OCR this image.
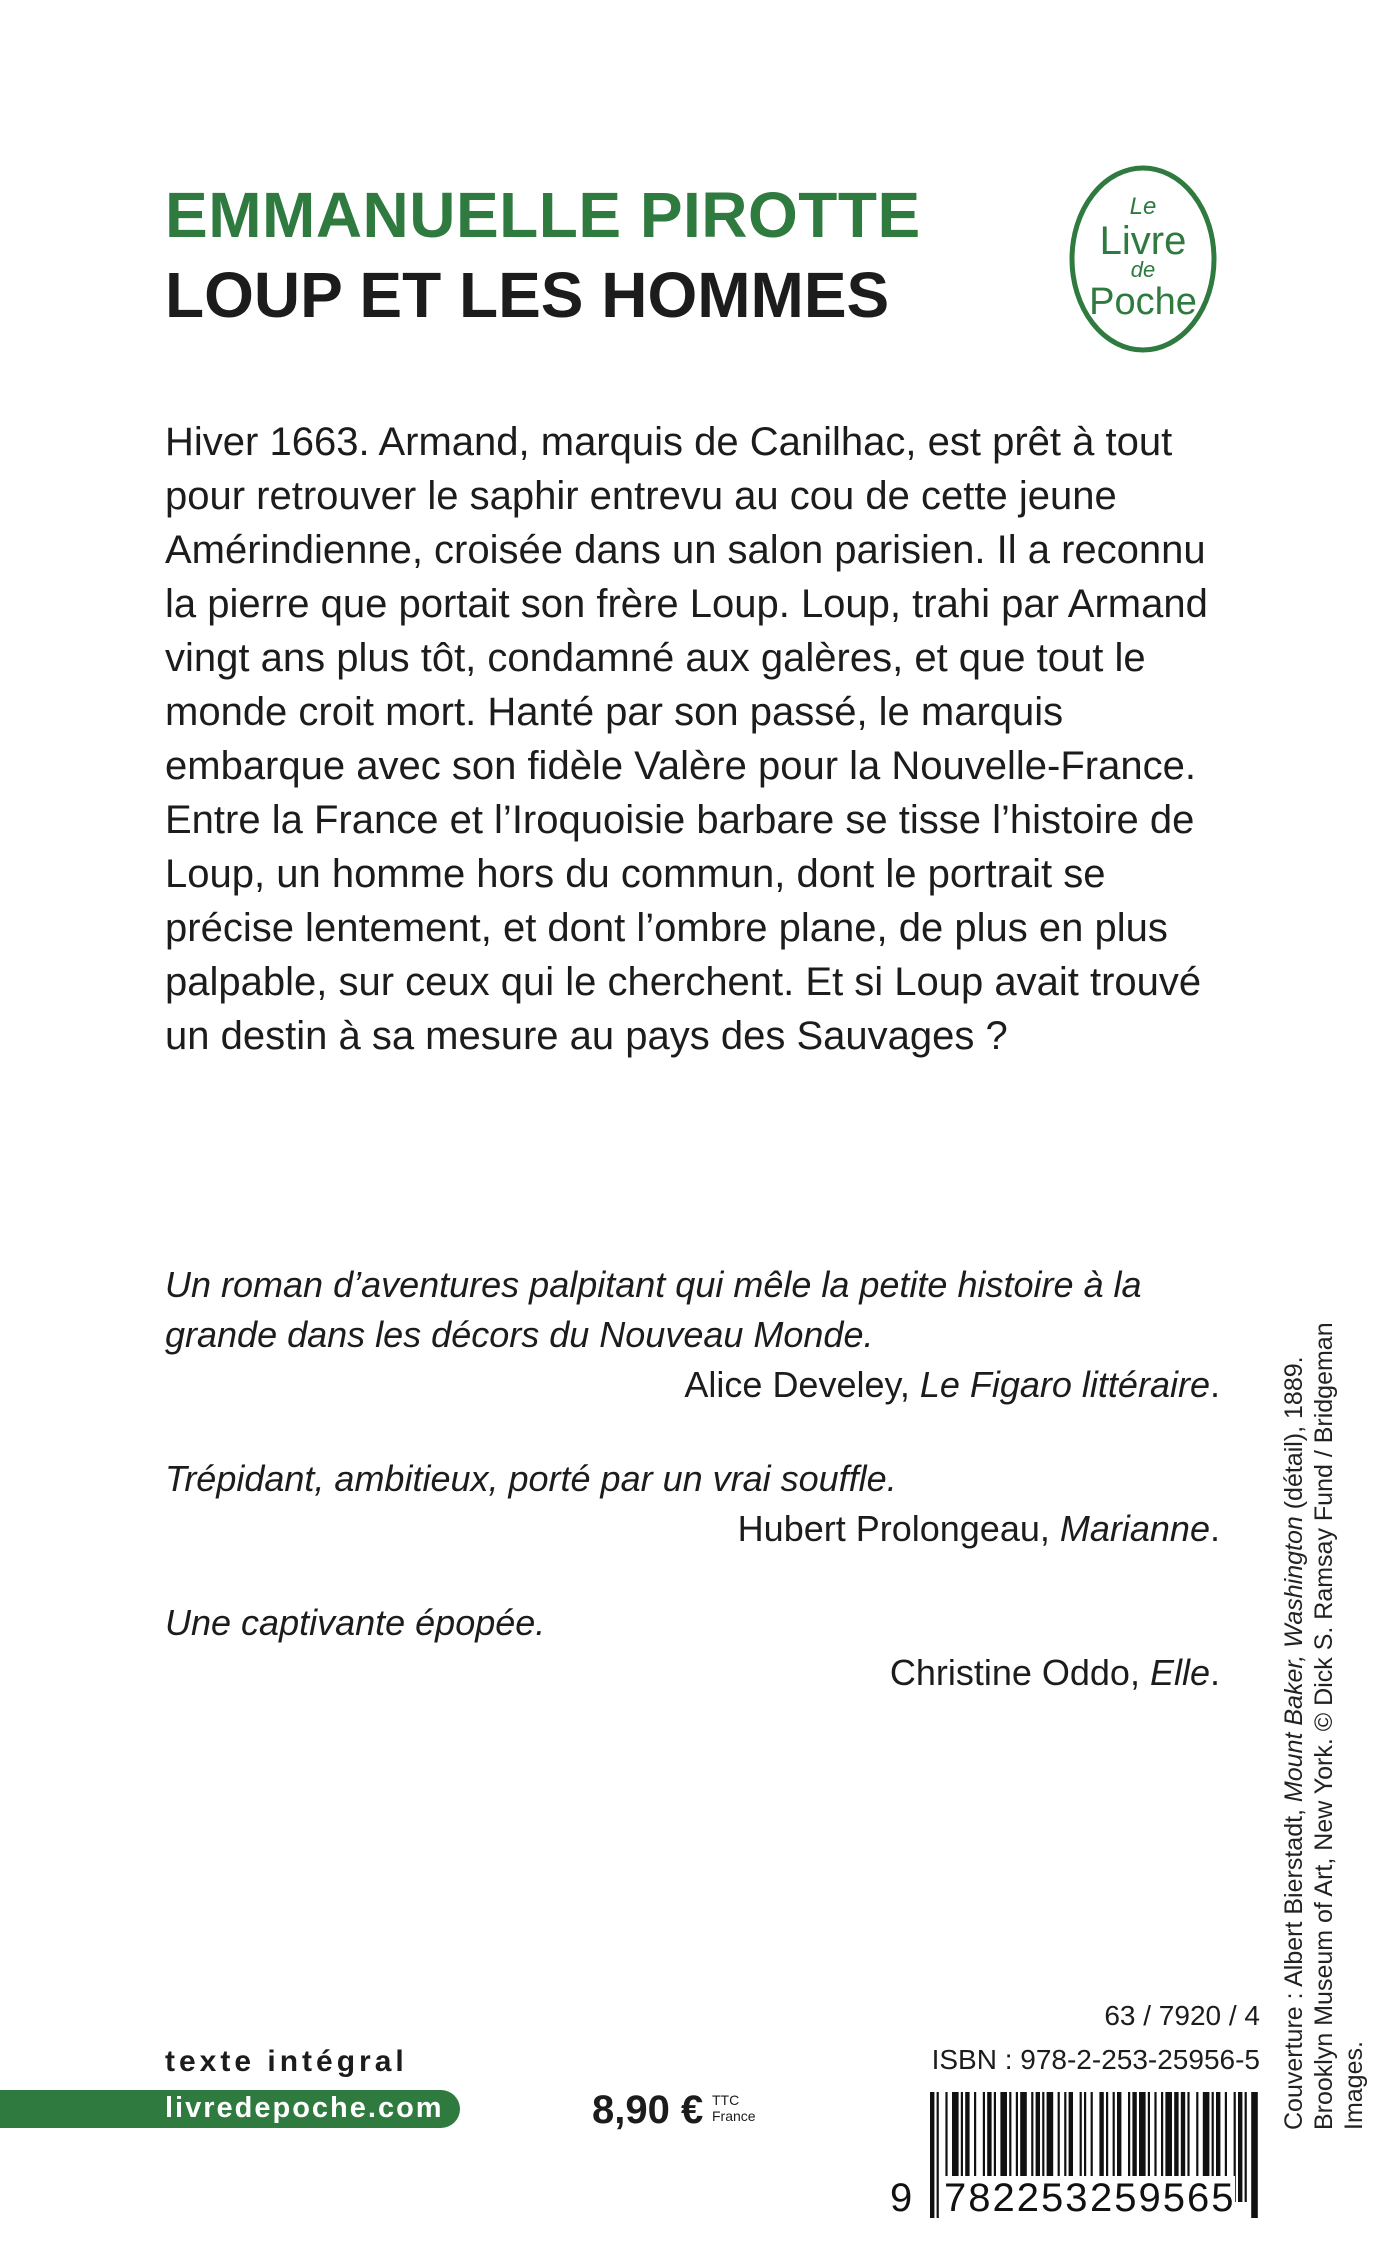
EMMANUELLE PIROTTE
LOUP ET LES HOMMES
Le
Livre
de
Poche

Hiver 1663. Armand, marquis de Canilhac, est prêt à tout pour retrouver le saphir entrevu au cou de cette jeune Amérindienne, croisée dans un salon parisien. Il a reconnu la pierre que portait son frère Loup. Loup, trahi par Armand vingt ans plus tôt, condamné aux galères, et que tout le monde croit mort. Hanté par son passé, le marquis embarque avec son fidèle Valère pour la Nouvelle-France.

Entre la France et l’Iroquoisie barbare se tisse l’histoire de Loup, un homme hors du commun, dont le portrait se précise lentement, et dont l’ombre plane, de plus en plus palpable, sur ceux qui le cherchent. Et si Loup avait trouvé un destin à sa mesure au pays des Sauvages ?

Un roman d’aventures palpitant qui mêle la petite histoire à la grande dans les décors du Nouveau Monde.
Alice Develey, Le Figaro littéraire.
Trépidant, ambitieux, porté par un vrai souffle.
Hubert Prolongeau, Marianne.
Une captivante épopée.
Christine Oddo, Elle.
Couverture : Albert Bierstadt, Mount Baker, Washington (détail), 1889. Brooklyn Museum of Art, New York. © Dick S. Ramsay Fund / Bridgeman Images.
texte intégral
livredepoche.com	8,90 € TTC
France
63 / 7920 / 4
ISBN : 978-2-253-25956-5
9 782253 259565
